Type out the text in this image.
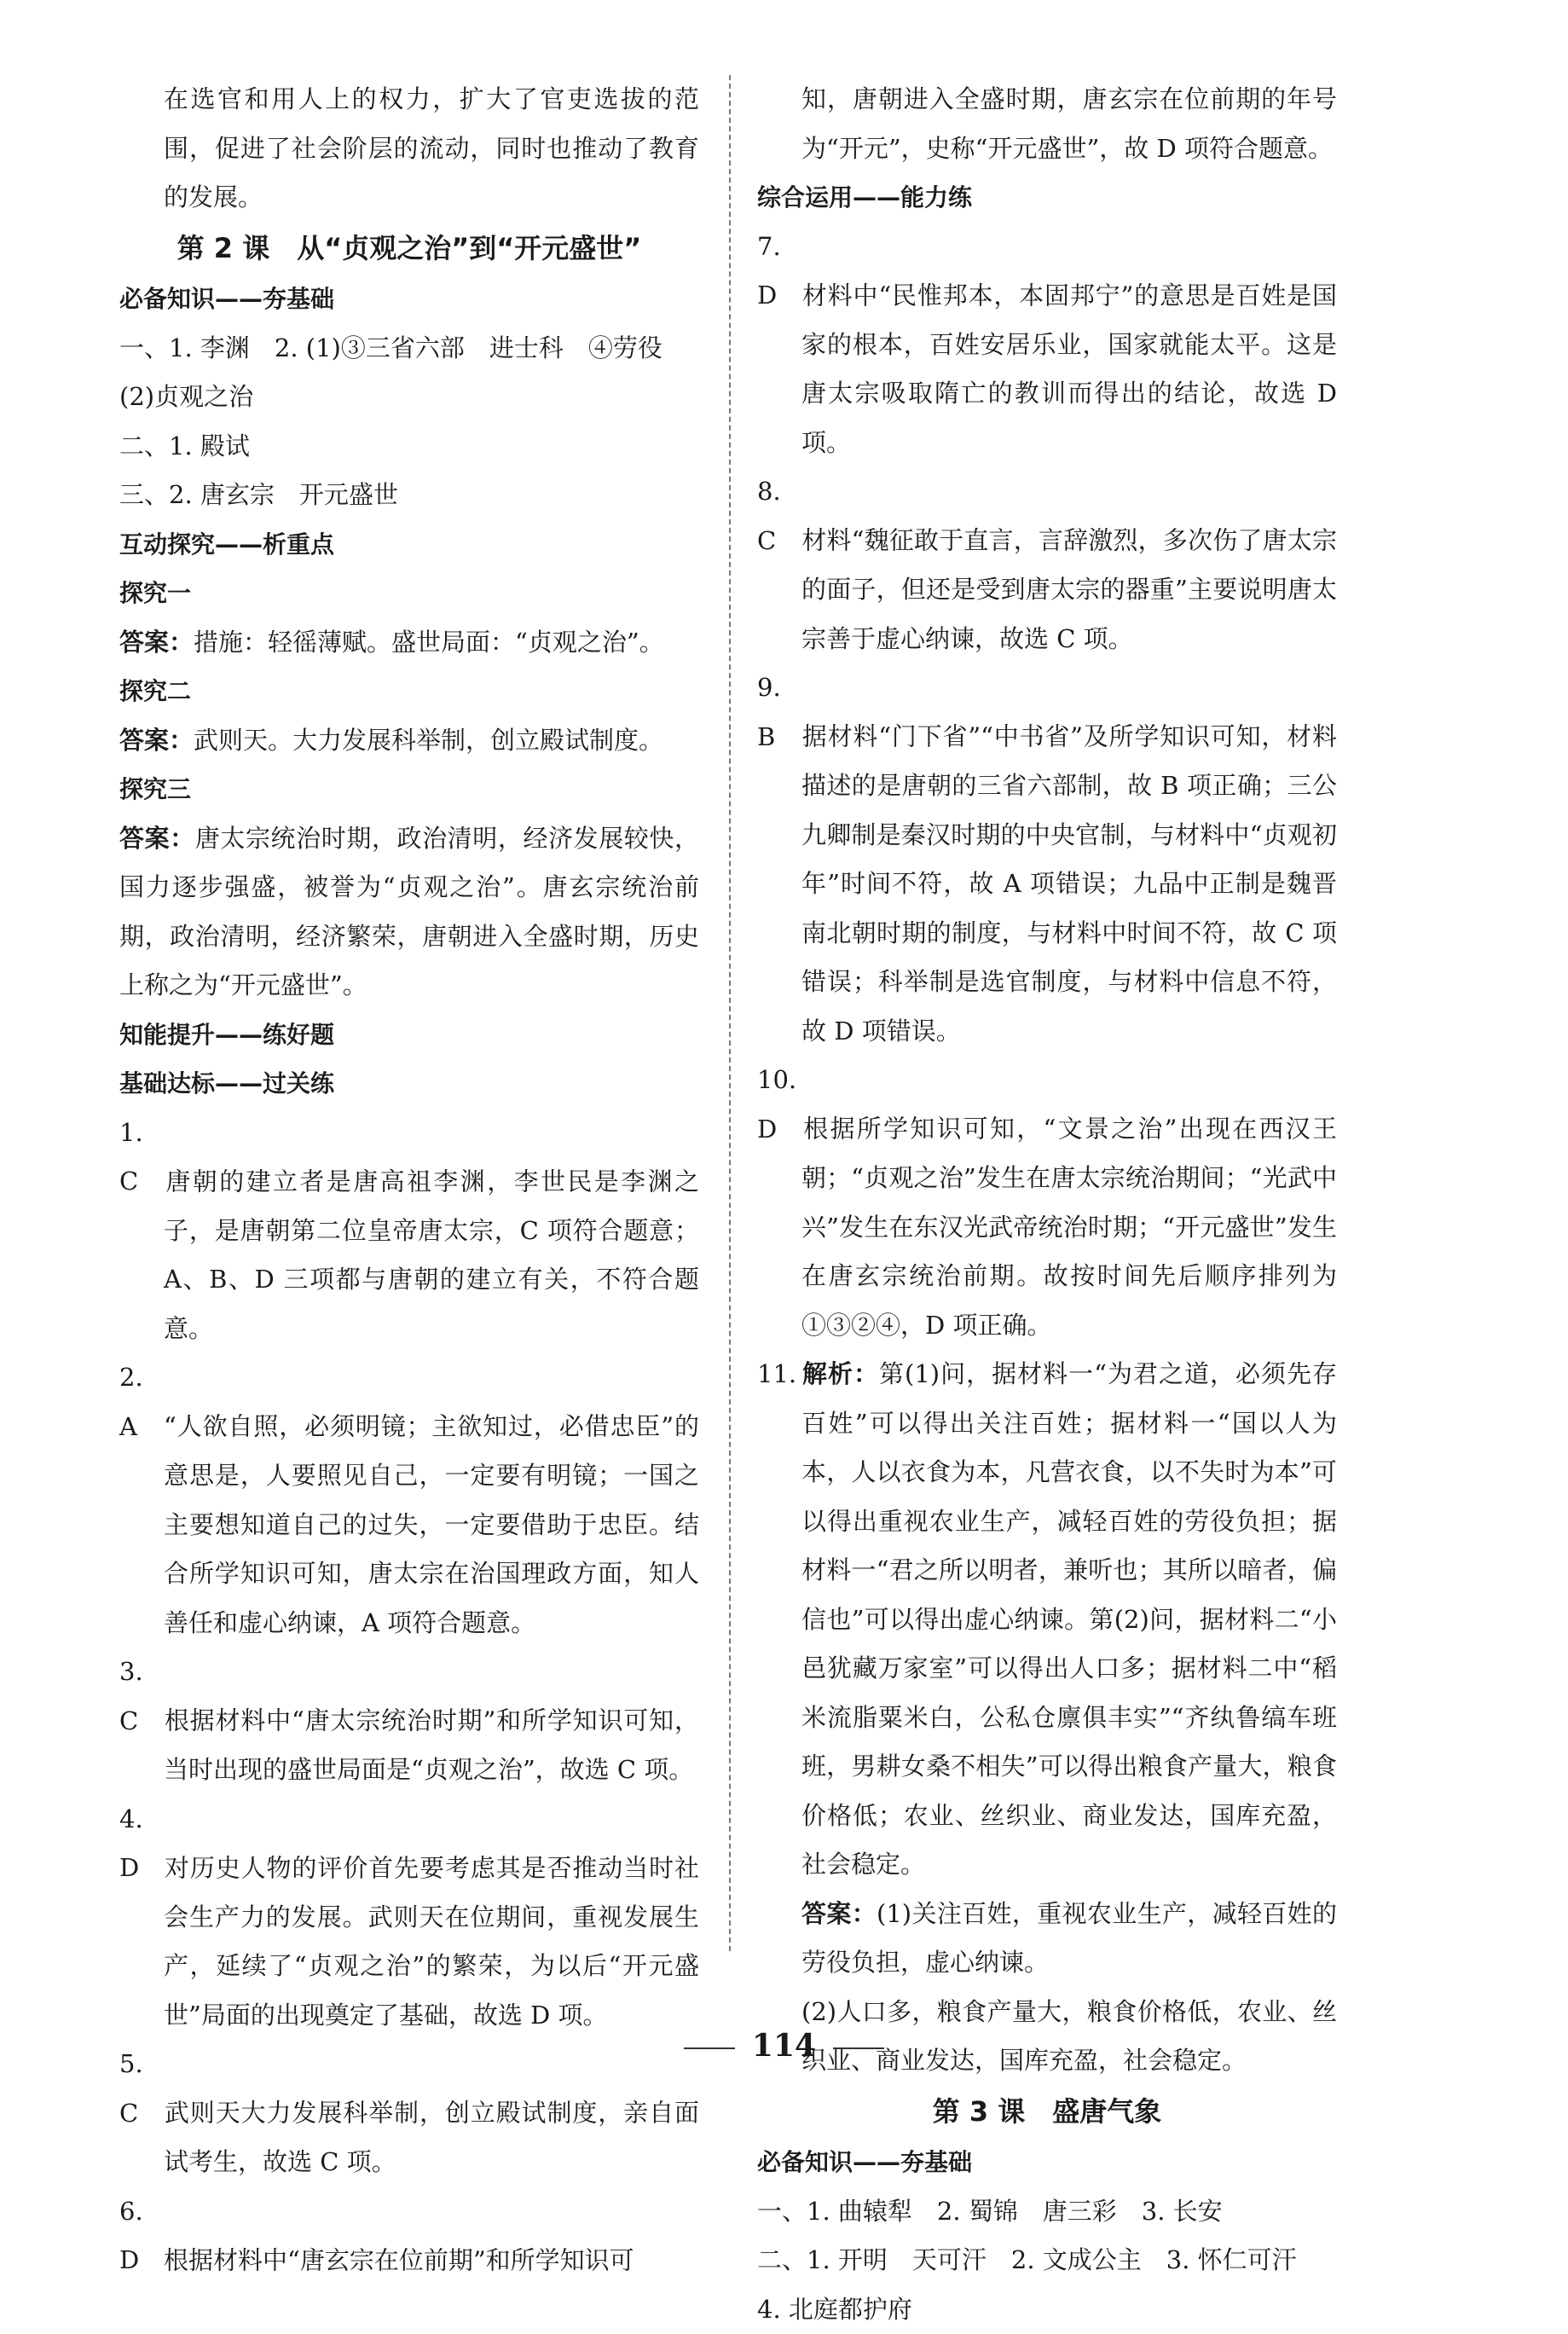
在选官和用人上的权力，扩大了官吏选拔的范围，促进了社会阶层的流动，同时也推动了教育的发展。

第 2 课　从“贞观之治”到“开元盛世”

必备知识——夯基础

一、1. 李渊　2. (1)③三省六部　进士科　④劳役

(2)贞观之治

二、1. 殿试

三、2. 唐玄宗　开元盛世

互动探究——析重点

探究一

答案：措施：轻徭薄赋。盛世局面：“贞观之治”。

探究二

答案：武则天。大力发展科举制，创立殿试制度。

探究三

答案：唐太宗统治时期，政治清明，经济发展较快，国力逐步强盛，被誉为“贞观之治”。唐玄宗统治前期，政治清明，经济繁荣，唐朝进入全盛时期，历史上称之为“开元盛世”。

知能提升——练好题

基础达标——过关练

1. C 唐朝的建立者是唐高祖李渊，李世民是李渊之子，是唐朝第二位皇帝唐太宗，C 项符合题意；A、B、D 三项都与唐朝的建立有关，不符合题意。

2. A “人欲自照，必须明镜；主欲知过，必借忠臣”的意思是，人要照见自己，一定要有明镜；一国之主要想知道自己的过失，一定要借助于忠臣。结合所学知识可知，唐太宗在治国理政方面，知人善任和虚心纳谏，A 项符合题意。

3. C 根据材料中“唐太宗统治时期”和所学知识可知，当时出现的盛世局面是“贞观之治”，故选 C 项。

4. D 对历史人物的评价首先要考虑其是否推动当时社会生产力的发展。武则天在位期间，重视发展生产，延续了“贞观之治”的繁荣，为以后“开元盛世”局面的出现奠定了基础，故选 D 项。

5. C 武则天大力发展科举制，创立殿试制度，亲自面试考生，故选 C 项。

6. D 根据材料中“唐玄宗在位前期”和所学知识可

知，唐朝进入全盛时期，唐玄宗在位前期的年号为“开元”，史称“开元盛世”，故 D 项符合题意。

综合运用——能力练

7. D 材料中“民惟邦本，本固邦宁”的意思是百姓是国家的根本，百姓安居乐业，国家就能太平。这是唐太宗吸取隋亡的教训而得出的结论，故选 D 项。

8. C 材料“魏征敢于直言，言辞激烈，多次伤了唐太宗的面子，但还是受到唐太宗的器重”主要说明唐太宗善于虚心纳谏，故选 C 项。

9. B 据材料“门下省”“中书省”及所学知识可知，材料描述的是唐朝的三省六部制，故 B 项正确；三公九卿制是秦汉时期的中央官制，与材料中“贞观初年”时间不符，故 A 项错误；九品中正制是魏晋南北朝时期的制度，与材料中时间不符，故 C 项错误；科举制是选官制度，与材料中信息不符，故 D 项错误。

10. D 根据所学知识可知，“文景之治”出现在西汉王朝；“贞观之治”发生在唐太宗统治期间；“光武中兴”发生在东汉光武帝统治时期；“开元盛世”发生在唐玄宗统治前期。故按时间先后顺序排列为①③②④，D 项正确。

11. 解析：第(1)问，据材料一“为君之道，必须先存百姓”可以得出关注百姓；据材料一“国以人为本，人以衣食为本，凡营衣食，以不失时为本”可以得出重视农业生产，减轻百姓的劳役负担；据材料一“君之所以明者，兼听也；其所以暗者，偏信也”可以得出虚心纳谏。第(2)问，据材料二“小邑犹藏万家室”可以得出人口多；据材料二中“稻米流脂粟米白，公私仓廪俱丰实”“齐纨鲁缟车班班，男耕女桑不相失”可以得出粮食产量大，粮食价格低；农业、丝织业、商业发达，国库充盈，社会稳定。

答案：(1)关注百姓，重视农业生产，减轻百姓的劳役负担，虚心纳谏。

(2)人口多，粮食产量大，粮食价格低，农业、丝织业、商业发达，国库充盈，社会稳定。

第 3 课　盛唐气象

必备知识——夯基础

一、1. 曲辕犁　2. 蜀锦　唐三彩　3. 长安

二、1. 开明　天可汗　2. 文成公主　3. 怀仁可汗

4. 北庭都护府

114
